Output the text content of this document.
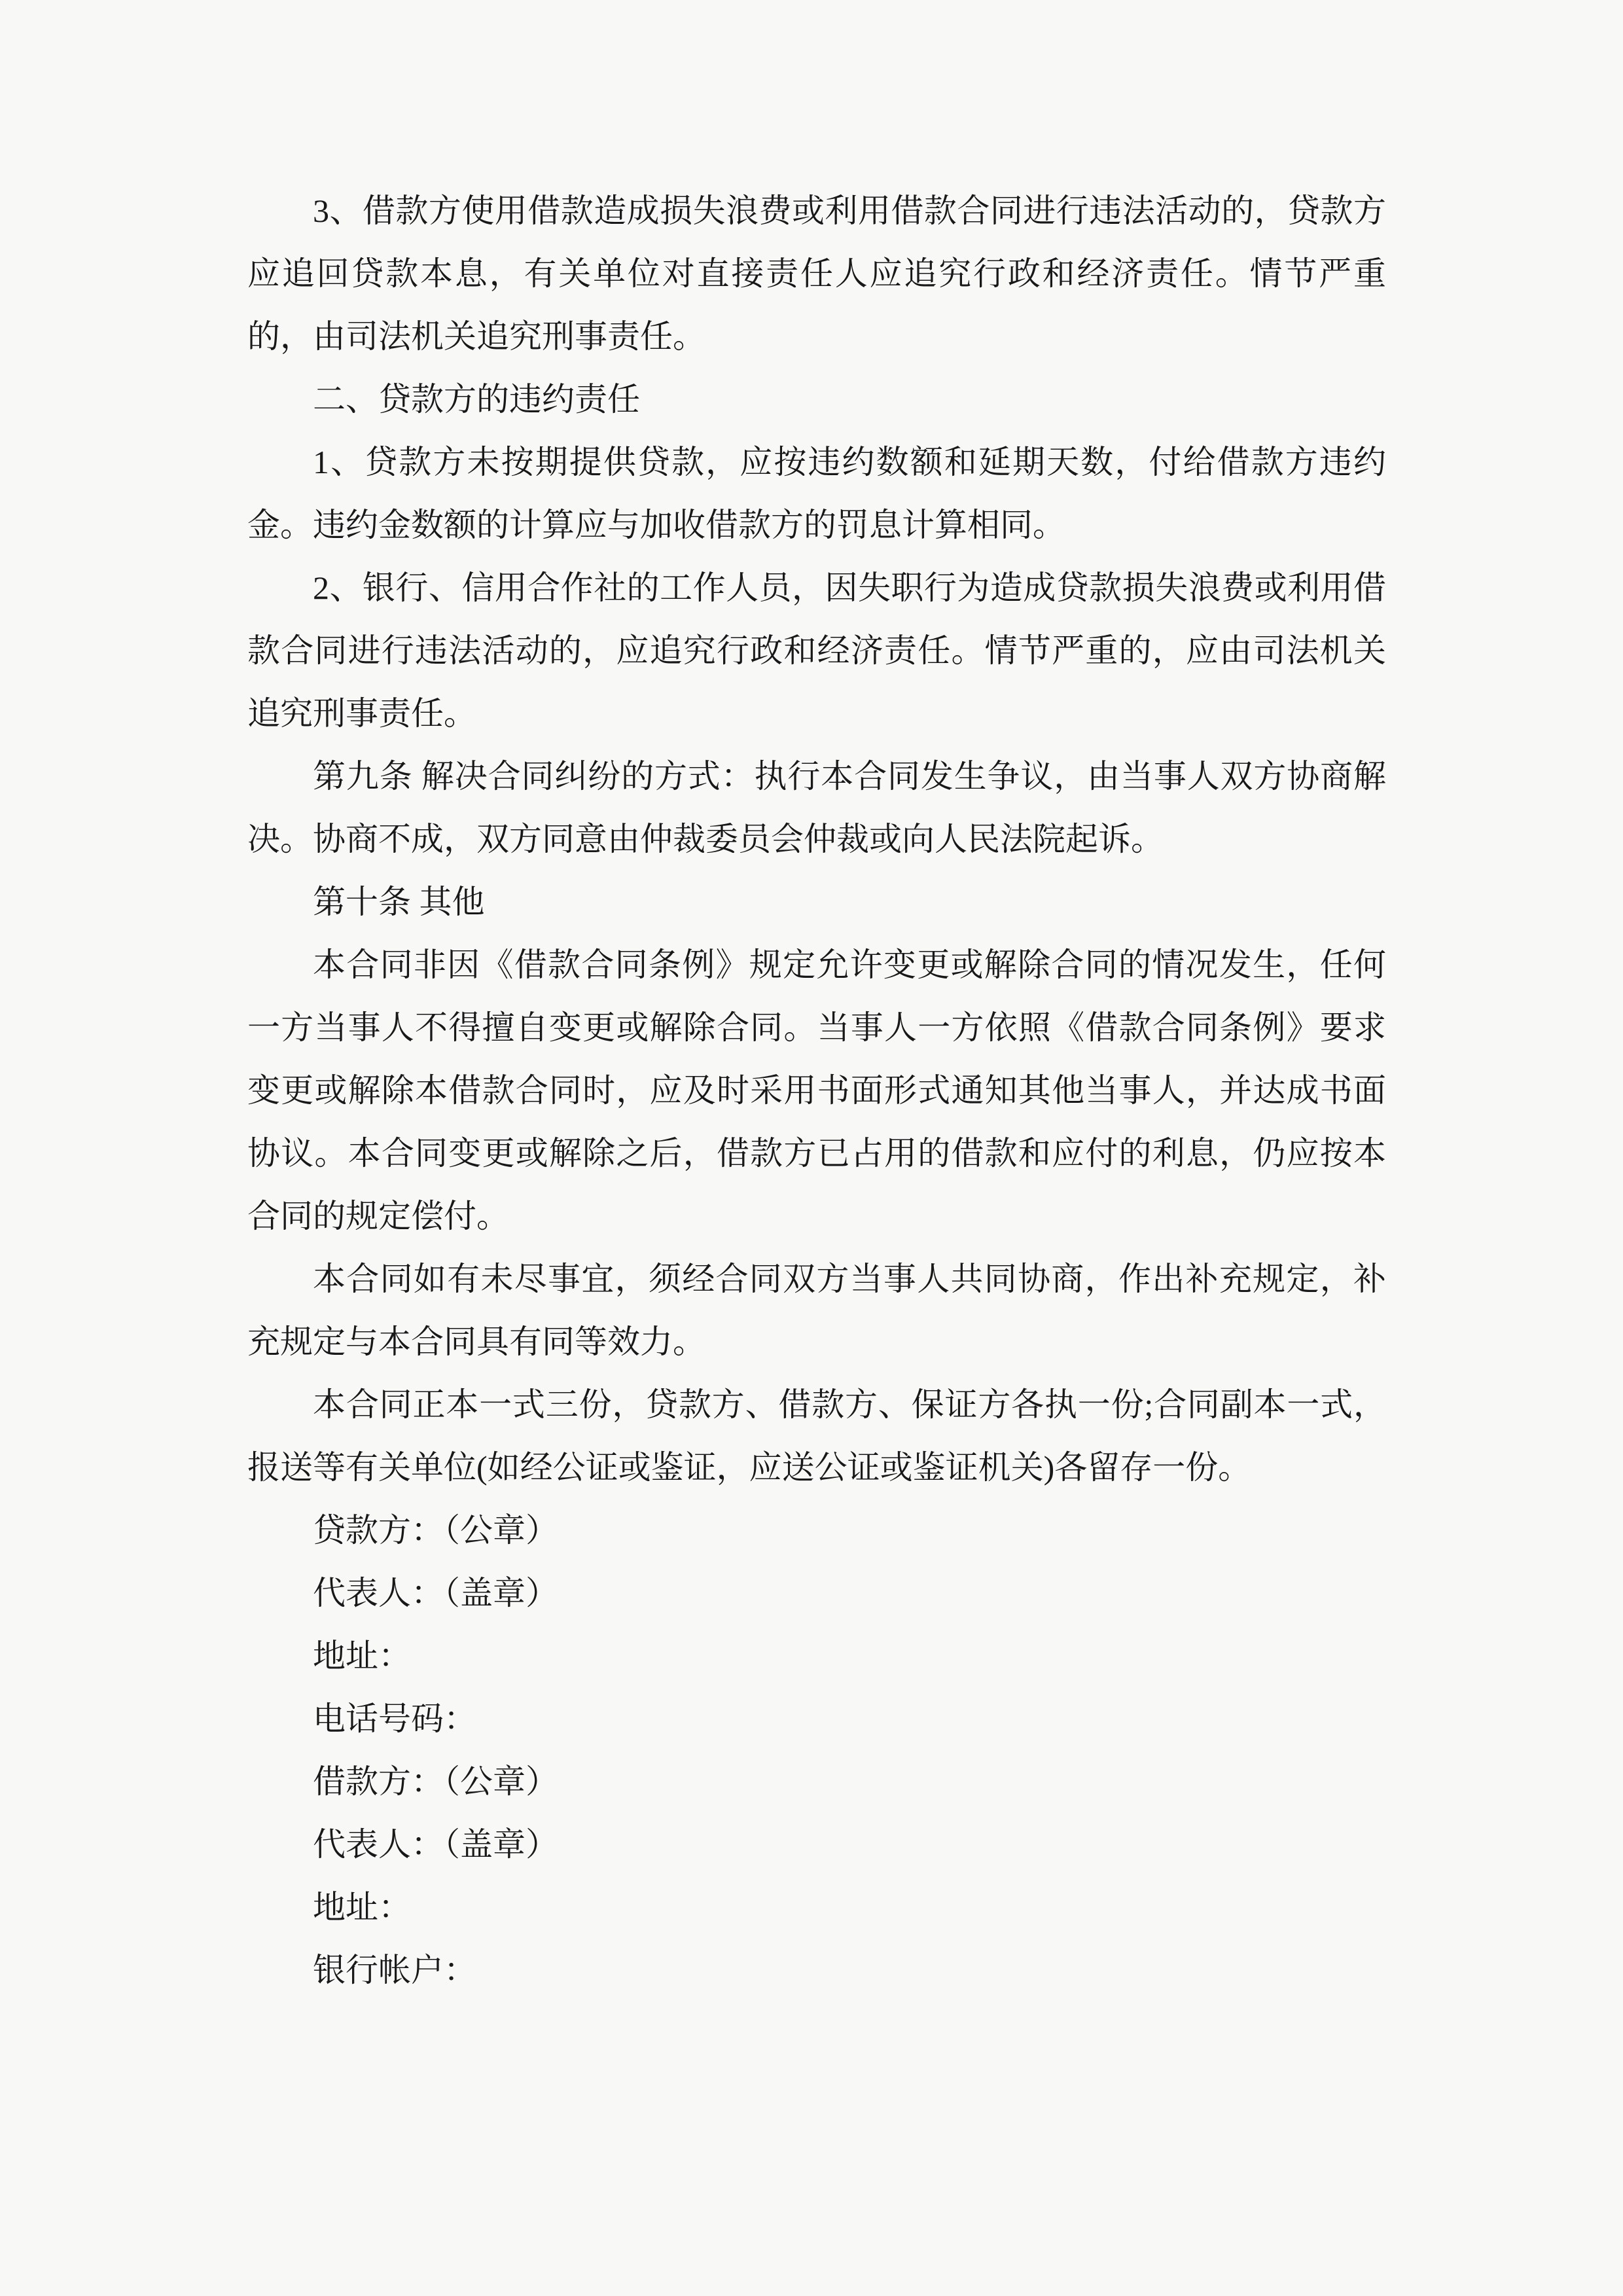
3、借款方使用借款造成损失浪费或利用借款合同进行违法活动的，贷款方应追回贷款本息，有关单位对直接责任人应追究行政和经济责任。情节严重的，由司法机关追究刑事责任。

二、贷款方的违约责任

1、贷款方未按期提供贷款，应按违约数额和延期天数，付给借款方违约金。违约金数额的计算应与加收借款方的罚息计算相同。

2、银行、信用合作社的工作人员，因失职行为造成贷款损失浪费或利用借款合同进行违法活动的，应追究行政和经济责任。情节严重的，应由司法机关追究刑事责任。

第九条 解决合同纠纷的方式：执行本合同发生争议，由当事人双方协商解决。协商不成，双方同意由仲裁委员会仲裁或向人民法院起诉。

第十条 其他

本合同非因《借款合同条例》规定允许变更或解除合同的情况发生，任何一方当事人不得擅自变更或解除合同。当事人一方依照《借款合同条例》要求变更或解除本借款合同时，应及时采用书面形式通知其他当事人，并达成书面协议。本合同变更或解除之后，借款方已占用的借款和应付的利息，仍应按本合同的规定偿付。

本合同如有未尽事宜，须经合同双方当事人共同协商，作出补充规定，补充规定与本合同具有同等效力。

本合同正本一式三份，贷款方、借款方、保证方各执一份;合同副本一式，报送等有关单位(如经公证或鉴证，应送公证或鉴证机关)各留存一份。

贷款方：（公章）

代表人：（盖章）

地址：

电话号码：

借款方：（公章）

代表人：（盖章）

地址：

银行帐户：
